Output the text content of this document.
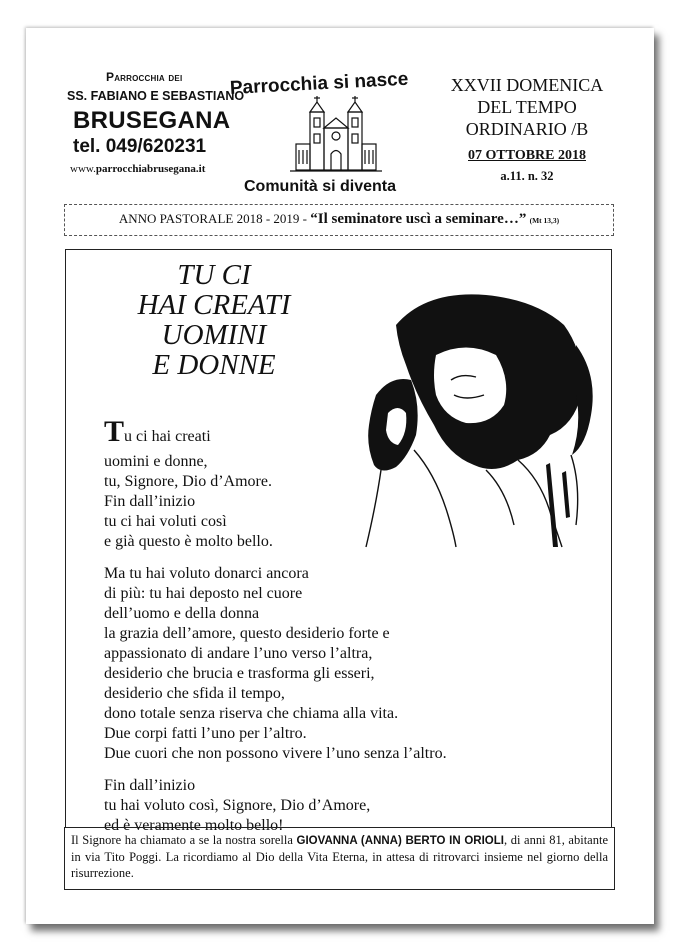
Parrocchia dei
SS. FABIANO E SEBASTIANO
BRUSEGANA
tel. 049/620231
www.parrocchiabrusegana.it
Parrocchia si nasce
Comunità si diventa
XXVII DOMENICA
DEL TEMPO
ORDINARIO /B
07 OTTOBRE 2018
a.11. n. 32
ANNO PASTORALE 2018 - 2019 - “Il seminatore uscì a seminare…” (Mt 13,3)
TU CI
HAI CREATI
UOMINI
E DONNE
Tu ci hai creati
uomini e donne,
tu, Signore, Dio d’Amore.
Fin dall’inizio
tu ci hai voluti così
e già questo è molto bello.
Ma tu hai voluto donarci ancora
di più: tu hai deposto nel cuore
dell’uomo e della donna
la grazia dell’amore, questo desiderio forte e
appassionato di andare l’uno verso l’altra,
desiderio che brucia e trasforma gli esseri,
desiderio che sfida il tempo,
dono totale senza riserva che chiama alla vita.
Due corpi fatti l’uno per l’altro.
Due cuori che non possono vivere l’uno senza l’altro.
Fin dall’inizio
tu hai voluto così, Signore, Dio d’Amore,
ed è veramente molto bello!
Il Signore ha chiamato a se la nostra sorella GIOVANNA (ANNA) BERTO IN ORIOLI, di anni 81, abitante in via Tito Poggi. La ricordiamo al Dio della Vita Eterna, in attesa di ritrovarci insieme nel giorno della risurrezione.
